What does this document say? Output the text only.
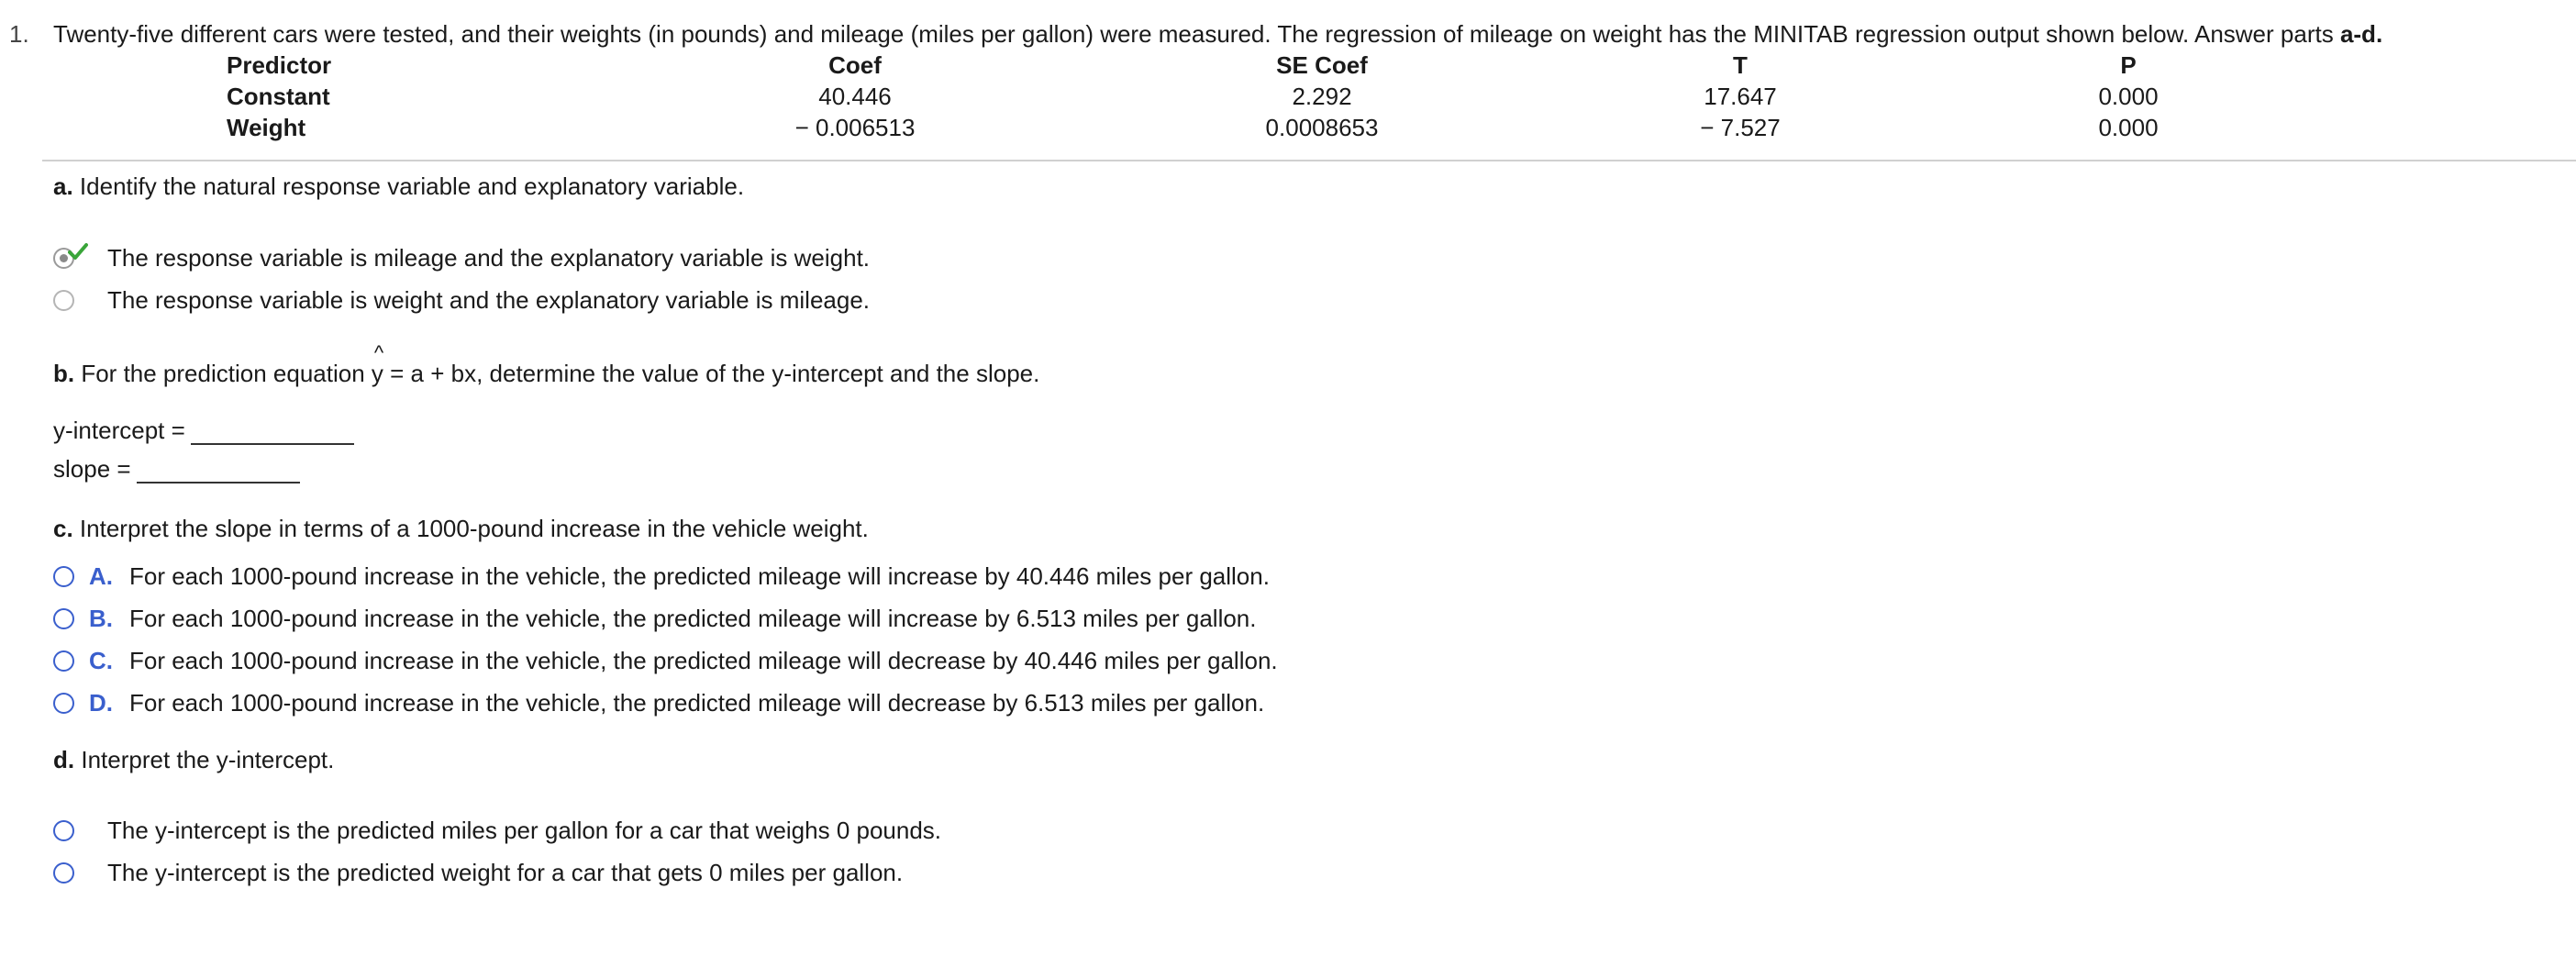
1. Twenty-five different cars were tested, and their weights (in pounds) and mileage (miles per gallon) were measured. The regression of mileage on weight has the MINITAB regression output shown below. Answer parts a-d.
Predictor	Coef	SE Coef	T	P
Constant	40.446	2.292	17.647	0.000
Weight	− 0.006513	0.0008653	− 7.527	0.000
a. Identify the natural response variable and explanatory variable.
The response variable is mileage and the explanatory variable is weight.
The response variable is weight and the explanatory variable is mileage.
b. For the prediction equation
^
y = a + bx, determine the value of the y-intercept and the slope.
y-intercept =
slope =
c. Interpret the slope in terms of a 1000-pound increase in the vehicle weight.
A. For each 1000-pound increase in the vehicle, the predicted mileage will increase by 40.446 miles per gallon.
B. For each 1000-pound increase in the vehicle, the predicted mileage will increase by 6.513 miles per gallon.
C. For each 1000-pound increase in the vehicle, the predicted mileage will decrease by 40.446 miles per gallon.
D. For each 1000-pound increase in the vehicle, the predicted mileage will decrease by 6.513 miles per gallon.
d. Interpret the y-intercept.
The y-intercept is the predicted miles per gallon for a car that weighs 0 pounds.
The y-intercept is the predicted weight for a car that gets 0 miles per gallon.
